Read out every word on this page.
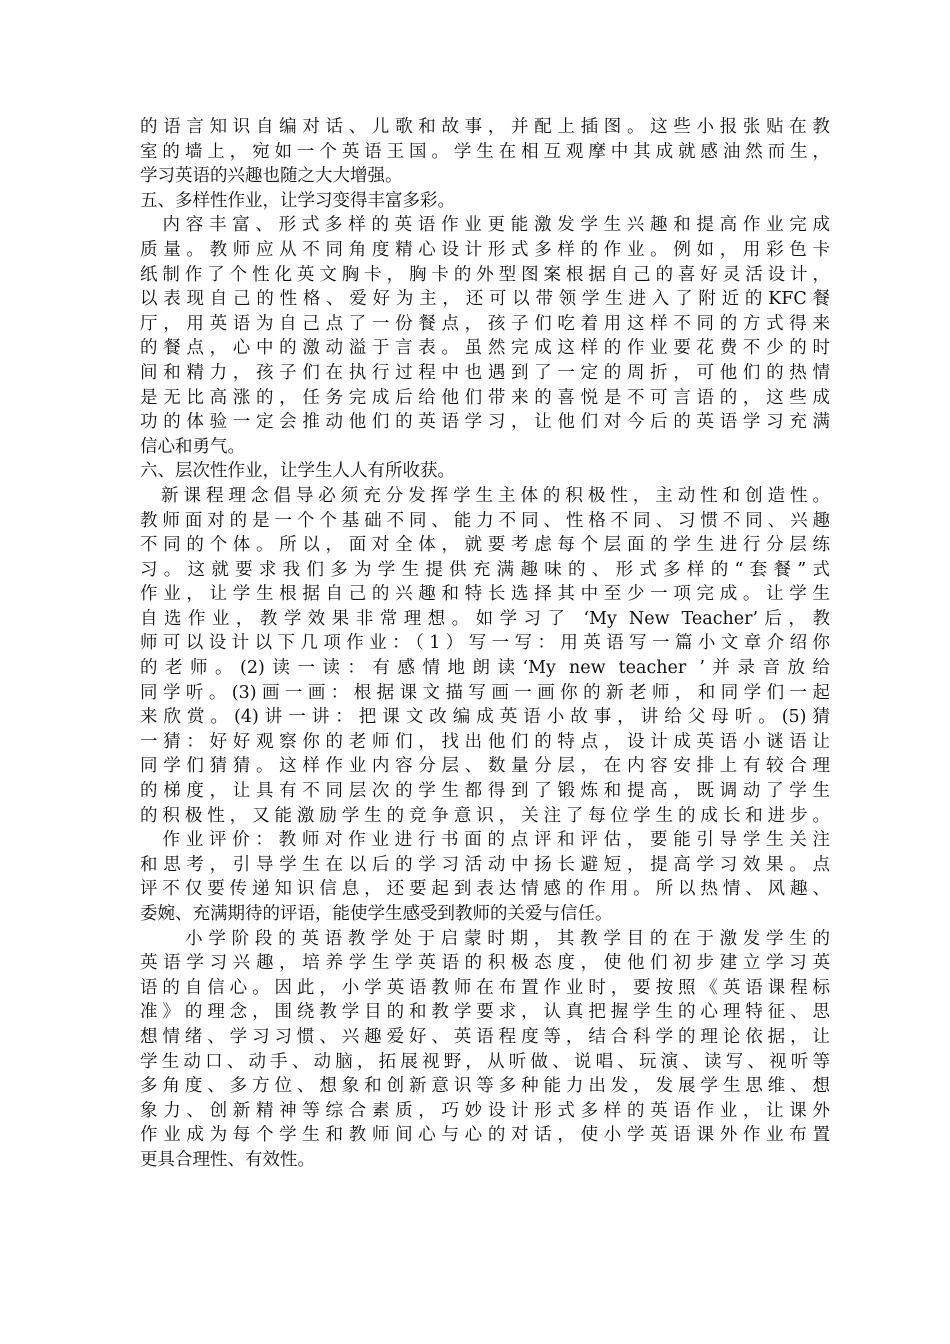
的语言知识自编对话、儿歌和故事，并配上插图。这些小报张贴在教
室的墙上，宛如一个英语王国。学生在相互观摩中其成就感油然而生，
学习英语的兴趣也随之大大增强。
五、多样性作业，让学习变得丰富多彩。
内容丰富、形式多样的英语作业更能激发学生兴趣和提高作业完成
质量。教师应从不同角度精心设计形式多样的作业。例如，用彩色卡
纸制作了个性化英文胸卡，胸卡的外型图案根据自己的喜好灵活设计，
以表现自己的性格、爱好为主，还可以带领学生进入了附近的KFC餐
厅，用英语为自己点了一份餐点，孩子们吃着用这样不同的方式得来
的餐点，心中的激动溢于言表。虽然完成这样的作业要花费不少的时
间和精力，孩子们在执行过程中也遇到了一定的周折，可他们的热情
是无比高涨的，任务完成后给他们带来的喜悦是不可言语的，这些成
功的体验一定会推动他们的英语学习，让他们对今后的英语学习充满
信心和勇气。
六、层次性作业，让学生人人有所收获。
新课程理念倡导必须充分发挥学生主体的积极性，主动性和创造性。
教师面对的是一个个基础不同、能力不同、性格不同、习惯不同、兴趣
不同的个体。所以，面对全体，就要考虑每个层面的学生进行分层练
习。这就要求我们多为学生提供充满趣味的、形式多样的“套餐”式
作业，让学生根据自己的兴趣和特长选择其中至少一项完成。让学生
自选作业，教学效果非常理想。如学习了 ‘My New Teacher’后，教
师可以设计以下几项作业：（1）写一写：用英语写一篇小文章介绍你
的老师。(2)读一读：有感情地朗读‘My new teacher ’并录音放给
同学听。(3)画一画：根据课文描写画一画你的新老师，和同学们一起
来欣赏。(4)讲一讲：把课文改编成英语小故事，讲给父母听。(5)猜
一猜：好好观察你的老师们，找出他们的特点，设计成英语小谜语让
同学们猜猜。这样作业内容分层、数量分层，在内容安排上有较合理
的梯度，让具有不同层次的学生都得到了锻炼和提高，既调动了学生
的积极性，又能激励学生的竞争意识，关注了每位学生的成长和进步。
作业评价：教师对作业进行书面的点评和评估，要能引导学生关注
和思考，引导学生在以后的学习活动中扬长避短，提高学习效果。点
评不仅要传递知识信息，还要起到表达情感的作用。所以热情、风趣、
委婉、充满期待的评语，能使学生感受到教师的关爱与信任。
小学阶段的英语教学处于启蒙时期，其教学目的在于激发学生的
英语学习兴趣，培养学生学英语的积极态度，使他们初步建立学习英
语的自信心。因此，小学英语教师在布置作业时，要按照《英语课程标
准》的理念，围绕教学目的和教学要求，认真把握学生的心理特征、思
想情绪、学习习惯、兴趣爱好、英语程度等，结合科学的理论依据，让
学生动口、动手、动脑，拓展视野，从听做、说唱、玩演、读写、视听等
多角度、多方位、想象和创新意识等多种能力出发，发展学生思维、想
象力、创新精神等综合素质，巧妙设计形式多样的英语作业，让课外
作业成为每个学生和教师间心与心的对话，使小学英语课外作业布置
更具合理性、有效性。
